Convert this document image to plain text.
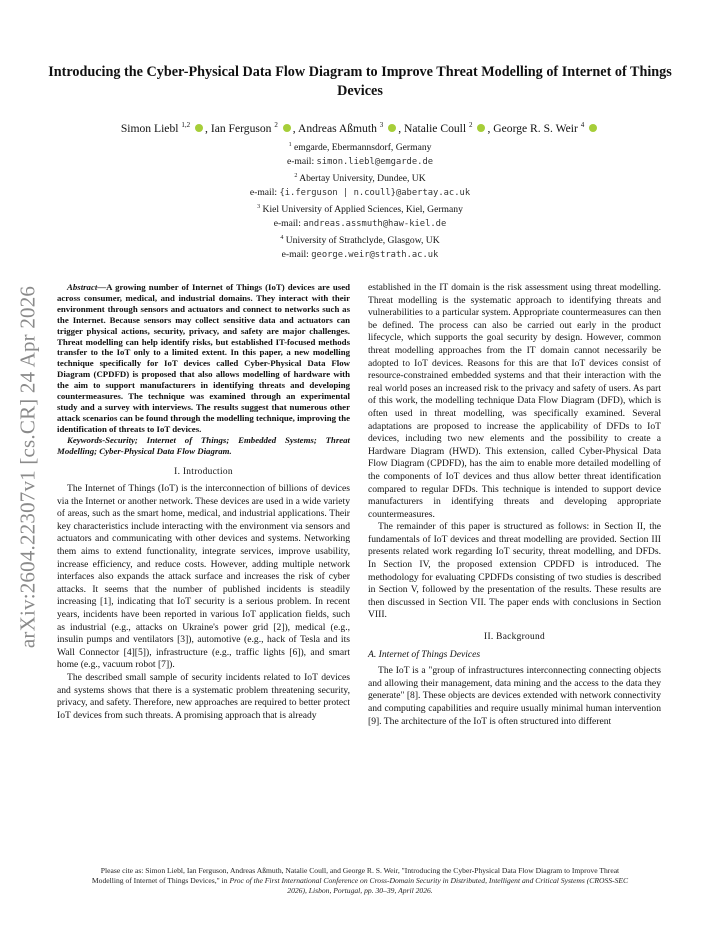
arXiv:2604.22307v1 [cs.CR] 24 Apr 2026
Introducing the Cyber-Physical Data Flow Diagram to Improve Threat Modelling of Internet of Things Devices
Simon Liebl $^{1,2}$ , Ian Ferguson $^2$ , Andreas Aßmuth $^3$ , Natalie Coull $^2$ , George R. S. Weir $^4$
$^1$ emgarde, Ebermannsdorf, Germany
e-mail: simon.liebl@emgarde.de
$^2$ Abertay University, Dundee, UK
e-mail: {i.ferguson | n.coull}@abertay.ac.uk
$^3$ Kiel University of Applied Sciences, Kiel, Germany
e-mail: andreas.assmuth@haw-kiel.de
$^4$ University of Strathclyde, Glasgow, UK
e-mail: george.weir@strath.ac.uk

Abstract—A growing number of Internet of Things (IoT) devices are used across consumer, medical, and industrial domains. They interact with their environment through sensors and actuators and connect to networks such as the Internet. Because sensors may collect sensitive data and actuators can trigger physical actions, security, privacy, and safety are major challenges. Threat modelling can help identify risks, but established IT-focused methods transfer to the IoT only to a limited extent. In this paper, a new modelling technique specifically for IoT devices called Cyber-Physical Data Flow Diagram (CPDFD) is proposed that also allows modelling of hardware with the aim to support manufacturers in identifying threats and developing countermeasures. The technique was examined through an experimental study and a survey with interviews. The results suggest that numerous other attack scenarios can be found through the modelling technique, improving the identification of threats to IoT devices.

Keywords-Security; Internet of Things; Embedded Systems; Threat Modelling; Cyber-Physical Data Flow Diagram.

I. Introduction

The Internet of Things (IoT) is the interconnection of billions of devices via the Internet or another network. These devices are used in a wide variety of areas, such as the smart home, medical, and industrial applications. Their key characteristics include interacting with the environment via sensors and actuators and communicating with other devices and systems. Networking them aims to extend functionality, integrate services, improve usability, increase efficiency, and reduce costs. However, adding multiple network interfaces also expands the attack surface and increases the risk of cyber attacks. It seems that the number of published incidents is steadily increasing [1], indicating that IoT security is a serious problem. In recent years, incidents have been reported in various IoT application fields, such as industrial (e.g., attacks on Ukraine's power grid [2]), medical (e.g., insulin pumps and ventilators [3]), automotive (e.g., hack of Tesla and its Wall Connector [4][5]), infrastructure (e.g., traffic lights [6]), and smart home (e.g., vacuum robot [7]).

The described small sample of security incidents related to IoT devices and systems shows that there is a systematic problem threatening security, privacy, and safety. Therefore, new approaches are required to better protect IoT devices from such threats. A promising approach that is already

established in the IT domain is the risk assessment using threat modelling. Threat modelling is the systematic approach to identifying threats and vulnerabilities to a particular system. Appropriate countermeasures can then be defined. The process can also be carried out early in the product lifecycle, which supports the goal security by design. However, common threat modelling approaches from the IT domain cannot necessarily be adopted to IoT devices. Reasons for this are that IoT devices consist of resource-constrained embedded systems and that their interaction with the real world poses an increased risk to the privacy and safety of users. As part of this work, the modelling technique Data Flow Diagram (DFD), which is often used in threat modelling, was specifically examined. Several adaptations are proposed to increase the applicability of DFDs to IoT devices, including two new elements and the possibility to create a Hardware Diagram (HWD). This extension, called Cyber-Physical Data Flow Diagram (CPDFD), has the aim to enable more detailed modelling of the components of IoT devices and thus allow better threat identification compared to regular DFDs. This technique is intended to support device manufacturers in identifying threats and developing appropriate countermeasures.

The remainder of this paper is structured as follows: in Section II, the fundamentals of IoT devices and threat modelling are provided. Section III presents related work regarding IoT security, threat modelling, and DFDs. In Section IV, the proposed extension CPDFD is introduced. The methodology for evaluating CPDFDs consisting of two studies is described in Section V, followed by the presentation of the results. These results are then discussed in Section VII. The paper ends with conclusions in Section VIII.

II. Background
A. Internet of Things Devices

The IoT is a "group of infrastructures interconnecting connecting objects and allowing their management, data mining and the access to the data they generate" [8]. These objects are devices extended with network connectivity and computing capabilities and require usually minimal human intervention [9]. The architecture of the IoT is often structured into different

Please cite as: Simon Liebl, Ian Ferguson, Andreas Aßmuth, Natalie Coull, and George R. S. Weir, "Introducing the Cyber-Physical Data Flow Diagram to Improve Threat Modelling of Internet of Things Devices," in Proc of the First International Conference on Cross-Domain Security in Distributed, Intelligent and Critical Systems (CROSS-SEC 2026), Lisbon, Portugal, pp. 30–39, April 2026.
